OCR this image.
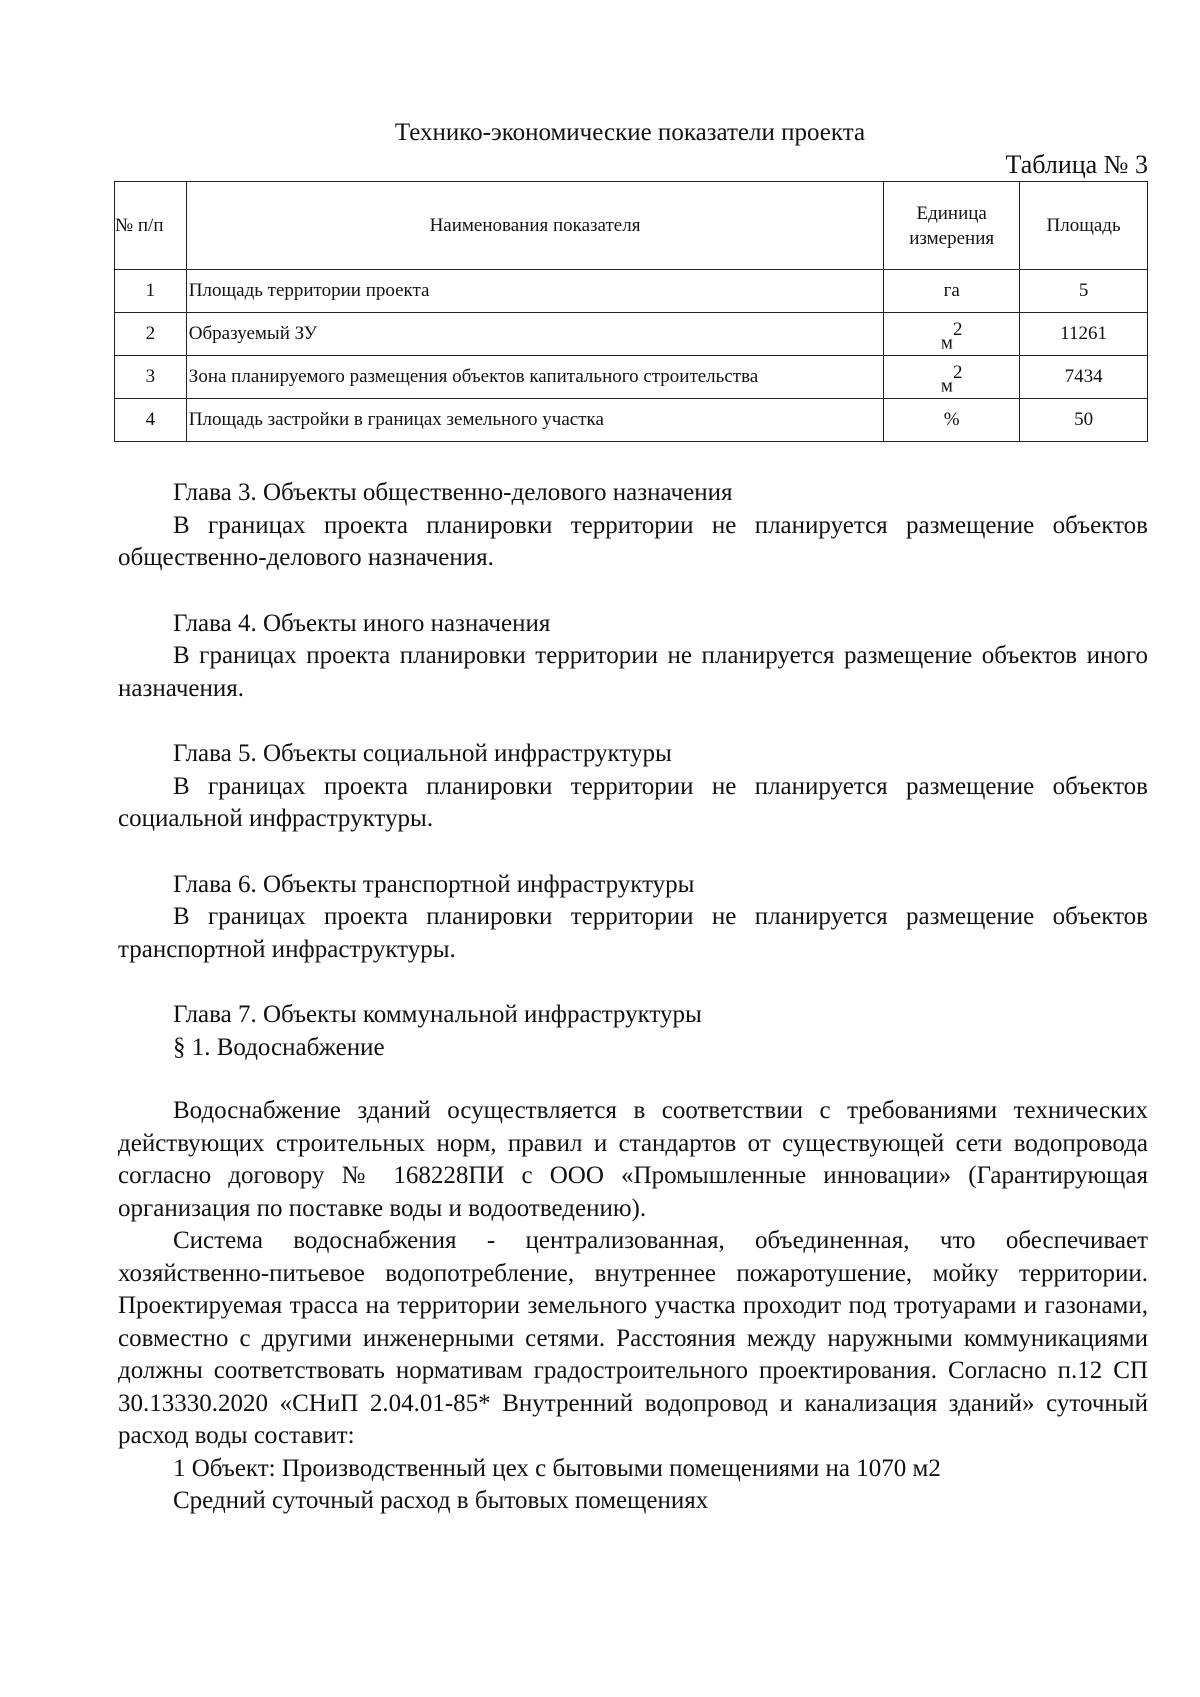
Технико-экономические показатели проекта
Таблица № 3
№ п/п	Наименования показателя	Единица измерения	Площадь
1	Площадь территории проекта	га	5
2	Образуемый ЗУ	$м^2$	11261
3	Зона планируемого размещения объектов капитального строительства	$м^2$	7434
4	Площадь застройки в границах земельного участка	%	50

Глава 3. Объекты общественно-делового назначения

В границах проекта планировки территории не планируется размещение объектов общественно-делового назначения.

Глава 4. Объекты иного назначения

В границах проекта планировки территории не планируется размещение объектов иного назначения.

Глава 5. Объекты социальной инфраструктуры

В границах проекта планировки территории не планируется размещение объектов социальной инфраструктуры.

Глава 6. Объекты транспортной инфраструктуры

В границах проекта планировки территории не планируется размещение объектов транспортной инфраструктуры.

Глава 7. Объекты коммунальной инфраструктуры

§ 1. Водоснабжение

Водоснабжение зданий осуществляется в соответствии с требованиями технических действующих строительных норм, правил и стандартов от существующей сети водопровода согласно договору № 168228ПИ с ООО «Промышленные инновации» (Гарантирующая организация по поставке воды и водоотведению).

Система водоснабжения - централизованная, объединенная, что обеспечивает хозяйственно-питьевое водопотребление, внутреннее пожаротушение, мойку территории. Проектируемая трасса на территории земельного участка проходит под тротуарами и газонами, совместно с другими инженерными сетями. Расстояния между наружными коммуникациями должны соответствовать нормативам градостроительного проектирования. Согласно п.12 СП 30.13330.2020 «СНиП 2.04.01-85* Внутренний водопровод и канализация зданий» суточный расход воды составит:

1 Объект: Производственный цех с бытовыми помещениями на 1070 м2

Средний суточный расход в бытовых помещениях
